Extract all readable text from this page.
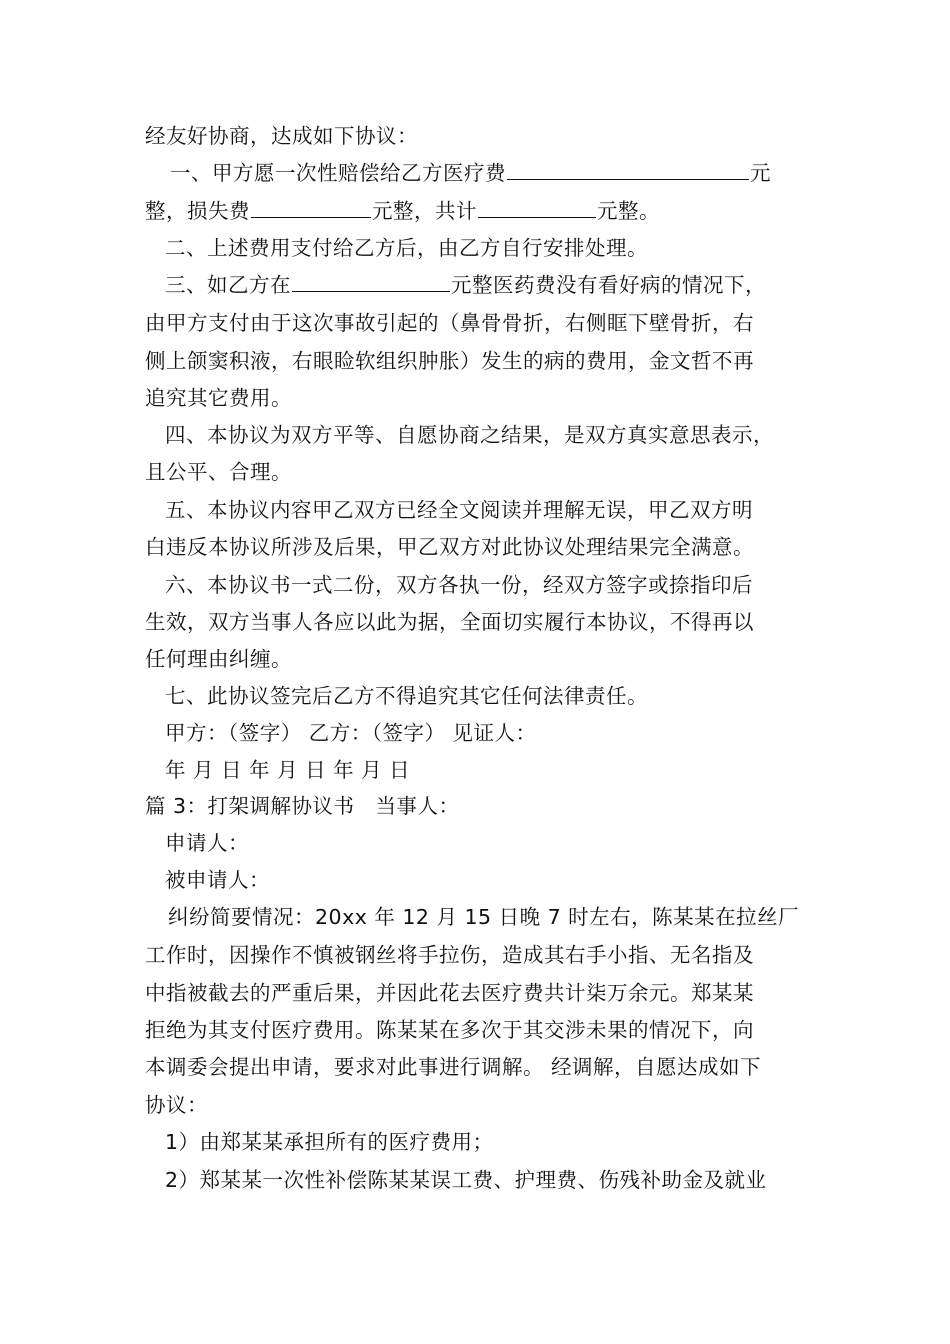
经友好协商，达成如下协议：
一、甲方愿一次性赔偿给乙方医疗费	元
整，损失费	元整，共计	元整。
二、上述费用支付给乙方后，由乙方自行安排处理。
三、如乙方在	元整医药费没有看好病的情况下，
由甲方支付由于这次事故引起的（鼻骨骨折，右侧眶下壁骨折，右
侧上颌窦积液，右眼睑软组织肿胀）发生的病的费用，金文哲不再
追究其它费用。
四、本协议为双方平等、自愿协商之结果，是双方真实意思表示，
且公平、合理。
五、本协议内容甲乙双方已经全文阅读并理解无误，甲乙双方明
白违反本协议所涉及后果，甲乙双方对此协议处理结果完全满意。
六、本协议书一式二份，双方各执一份，经双方签字或捺指印后
生效，双方当事人各应以此为据，全面切实履行本协议，不得再以
任何理由纠缠。
七、此协议签完后乙方不得追究其它任何法律责任。
甲方：（签字） 乙方：（签字） 见证人：
年 月 日 年 月 日 年 月 日
篇 3：打架调解协议书　当事人：
申请人：
被申请人：
纠纷简要情况：20xx 年 12 月 15 日晚 7 时左右，陈某某在拉丝厂
工作时，因操作不慎被钢丝将手拉伤，造成其右手小指、无名指及
中指被截去的严重后果，并因此花去医疗费共计柒万余元。郑某某
拒绝为其支付医疗费用。陈某某在多次于其交涉未果的情况下，向
本调委会提出申请，要求对此事进行调解。 经调解，自愿达成如下
协议：
1）由郑某某承担所有的医疗费用；
2）郑某某一次性补偿陈某某误工费、护理费、伤残补助金及就业
